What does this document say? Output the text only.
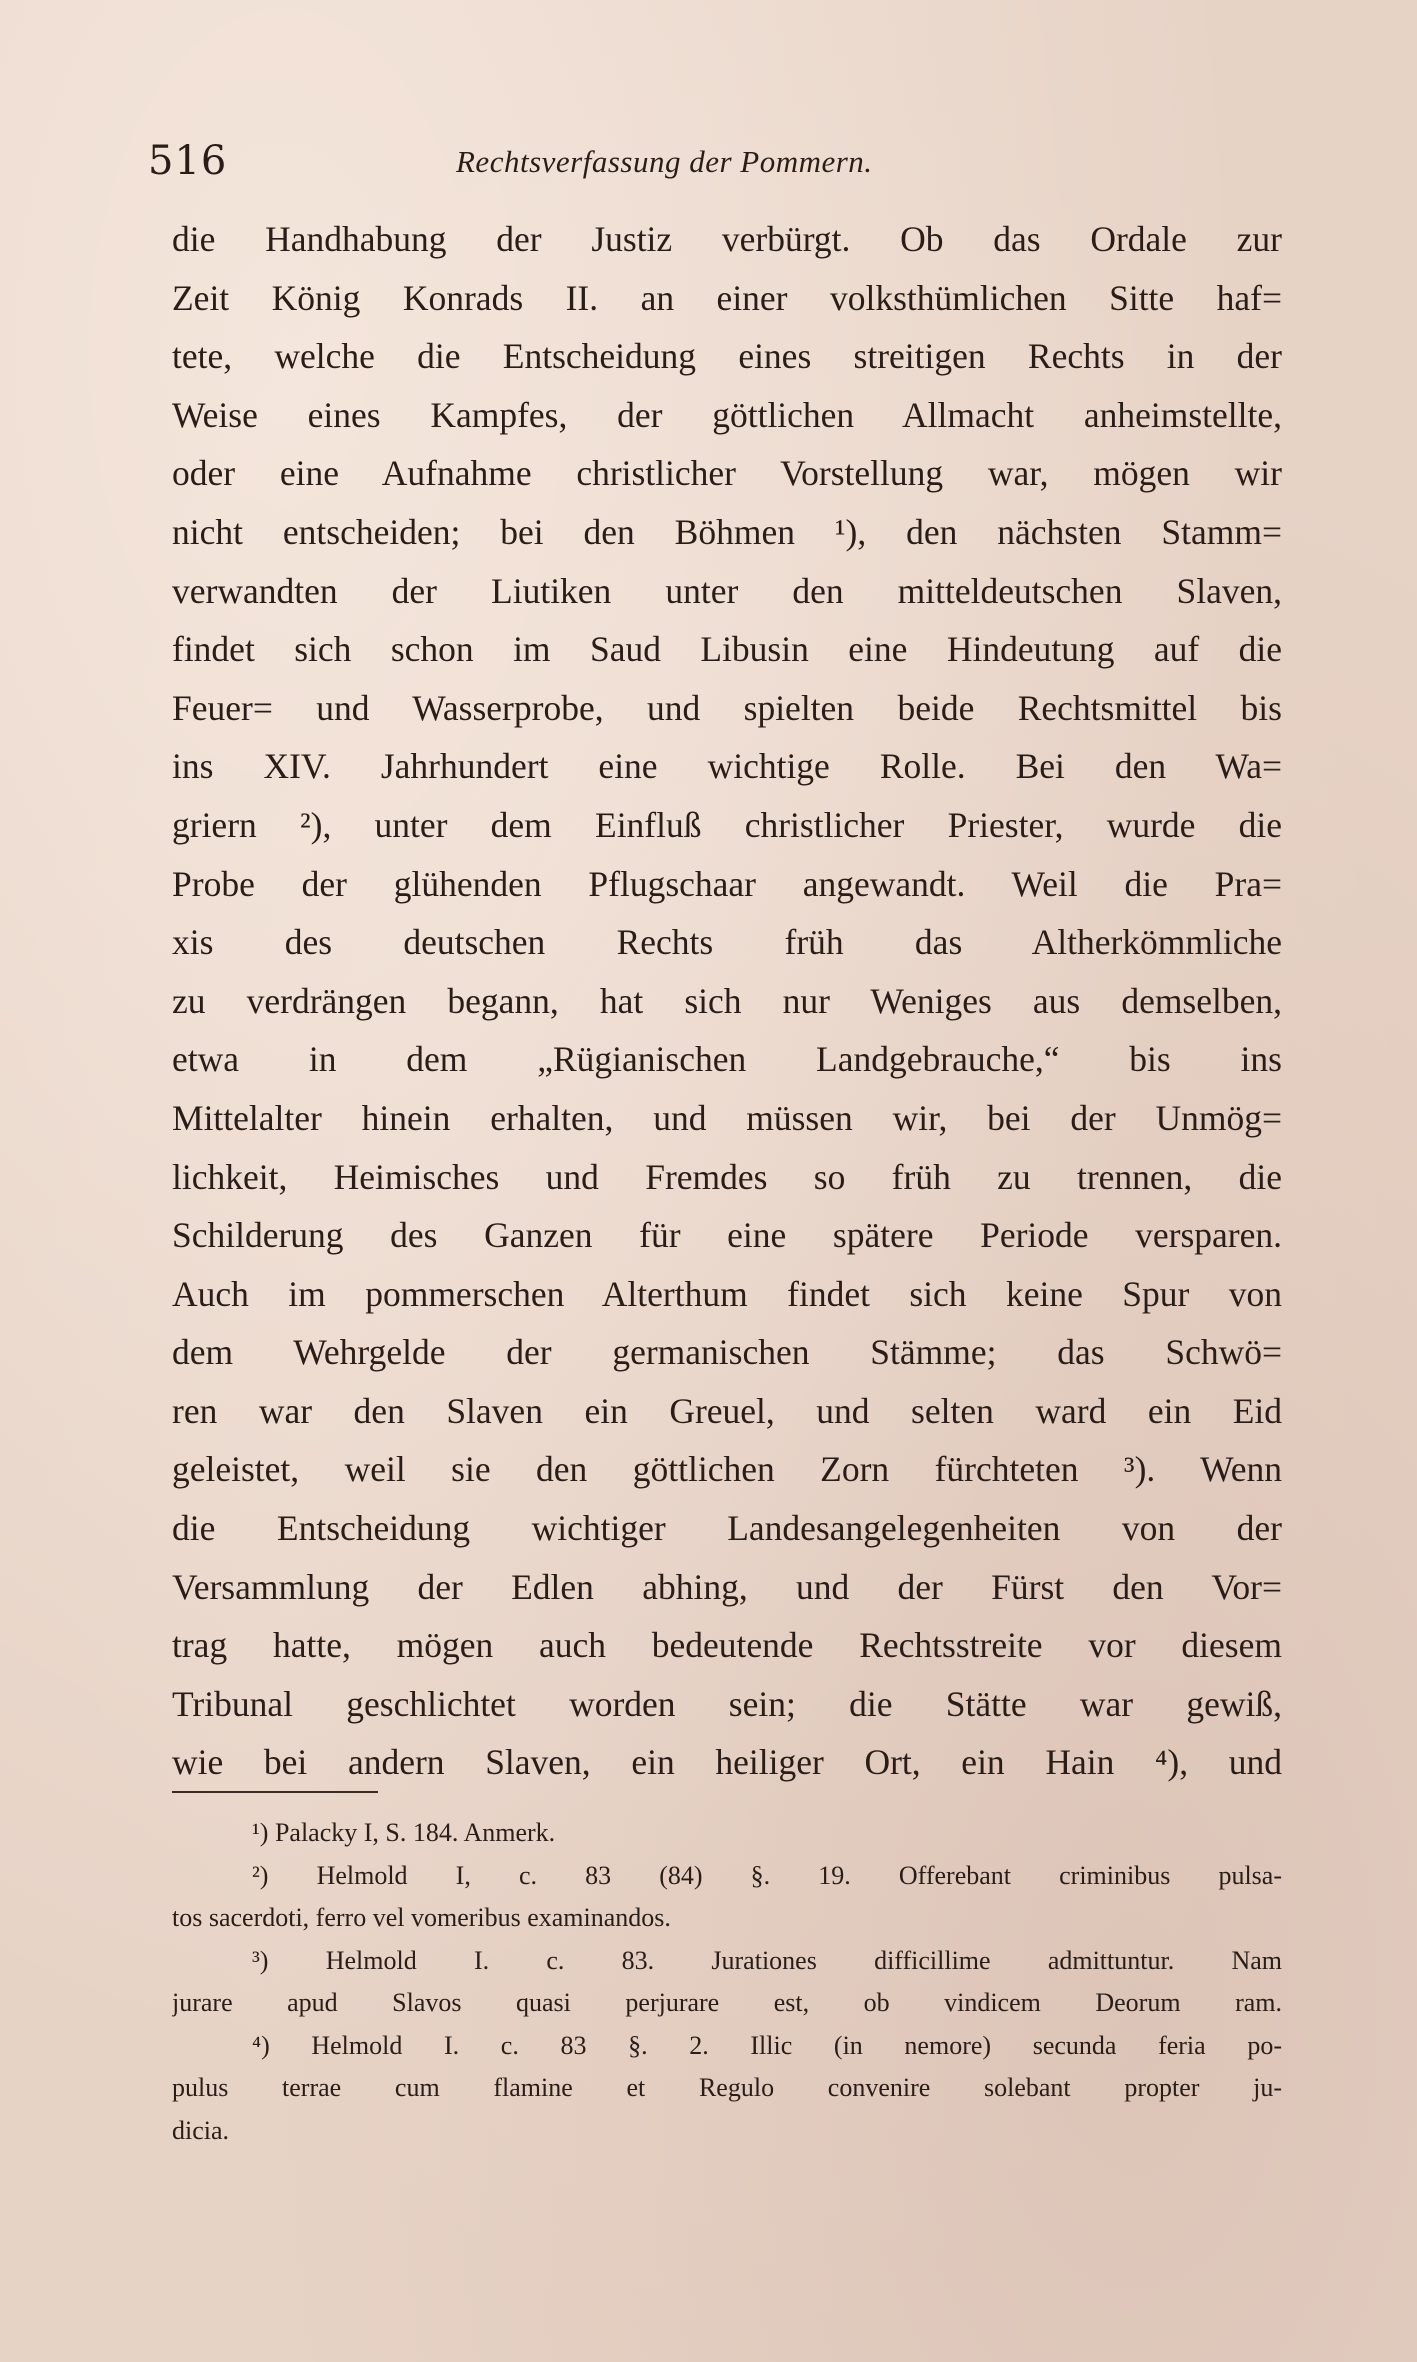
516	Rechtsverfassung der Pommern.
die Handhabung der Justiz verbürgt. Ob das Ordale zur
Zeit König Konrads II. an einer volksthümlichen Sitte haf=
tete, welche die Entscheidung eines streitigen Rechts in der
Weise eines Kampfes, der göttlichen Allmacht anheimstellte,
oder eine Aufnahme christlicher Vorstellung war, mögen wir
nicht entscheiden; bei den Böhmen ¹), den nächsten Stamm=
verwandten der Liutiken unter den mitteldeutschen Slaven,
findet sich schon im Saud Libusin eine Hindeutung auf die
Feuer= und Wasserprobe, und spielten beide Rechtsmittel bis
ins XIV. Jahrhundert eine wichtige Rolle. Bei den Wa=
griern ²), unter dem Einfluß christlicher Priester, wurde die
Probe der glühenden Pflugschaar angewandt. Weil die Pra=
xis des deutschen Rechts früh das Altherkömmliche
zu verdrängen begann, hat sich nur Weniges aus demselben,
etwa in dem „Rügianischen Landgebrauche,“ bis ins
Mittelalter hinein erhalten, und müssen wir, bei der Unmög=
lichkeit, Heimisches und Fremdes so früh zu trennen, die
Schilderung des Ganzen für eine spätere Periode versparen.
Auch im pommerschen Alterthum findet sich keine Spur von
dem Wehrgelde der germanischen Stämme; das Schwö=
ren war den Slaven ein Greuel, und selten ward ein Eid
geleistet, weil sie den göttlichen Zorn fürchteten ³). Wenn
die Entscheidung wichtiger Landesangelegenheiten von der
Versammlung der Edlen abhing, und der Fürst den Vor=
trag hatte, mögen auch bedeutende Rechtsstreite vor diesem
Tribunal geschlichtet worden sein; die Stätte war gewiß,
wie bei andern Slaven, ein heiliger Ort, ein Hain ⁴), und
¹) Palacky I, S. 184. Anmerk.
²) Helmold I, c. 83 (84) §. 19. Offerebant criminibus pulsa-
tos sacerdoti, ferro vel vomeribus examinandos.
³) Helmold I. c. 83. Jurationes difficillime admittuntur. Nam
jurare apud Slavos quasi perjurare est, ob vindicem Deorum ram.
⁴) Helmold I. c. 83 §. 2. Illic (in nemore) secunda feria po-
pulus terrae cum flamine et Regulo convenire solebant propter ju-
dicia.
